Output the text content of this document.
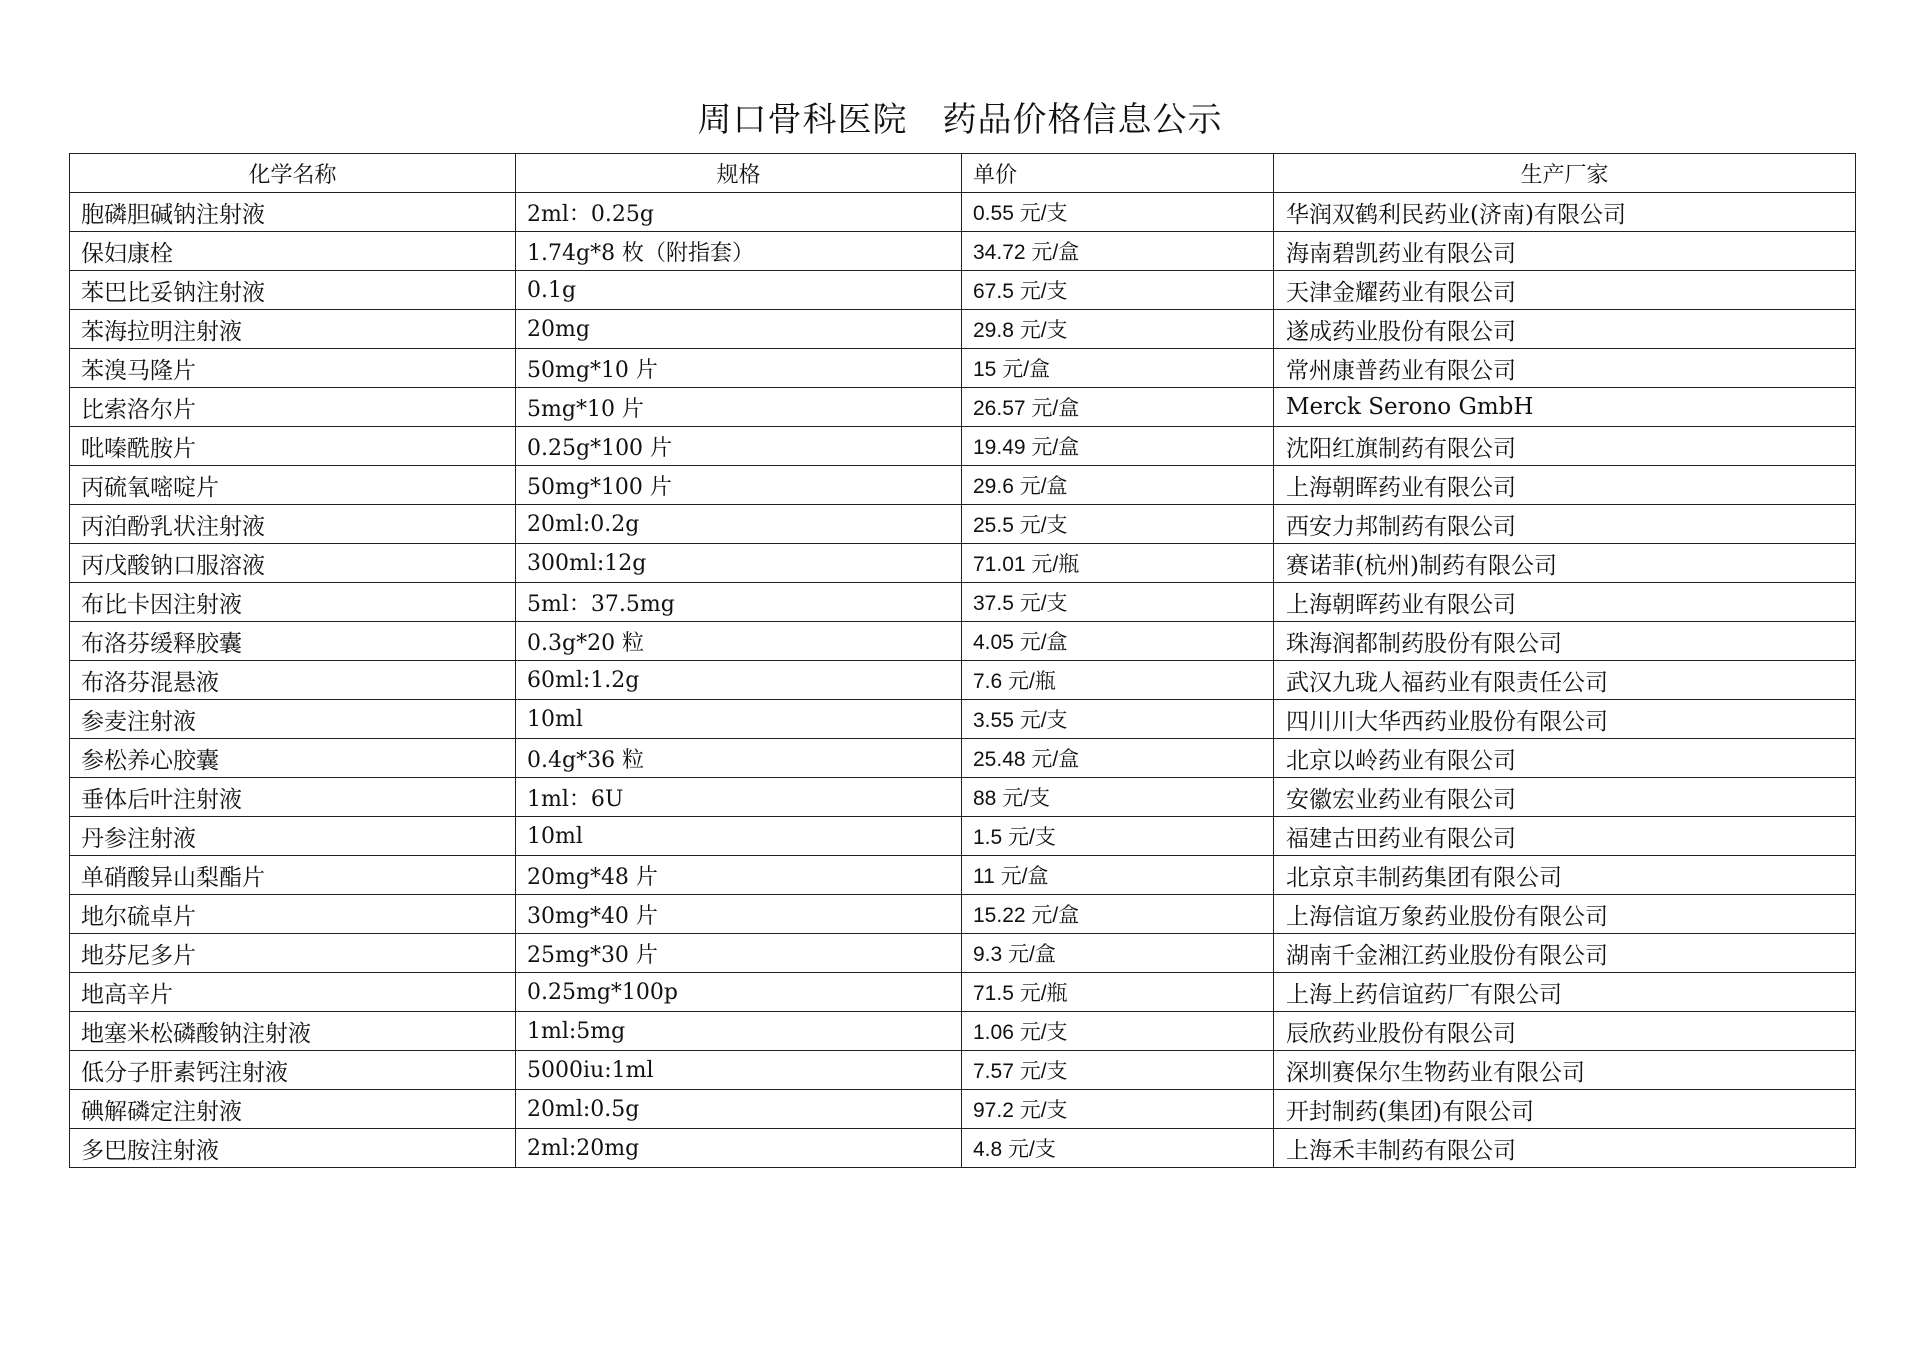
周口骨科医院　药品价格信息公示
化学名称	规格	单价	生产厂家
胞磷胆碱钠注射液	2ml：0.25g	0.55 元/支	华润双鹤利民药业(济南)有限公司
保妇康栓	1.74g*8 枚（附指套）	34.72 元/盒	海南碧凯药业有限公司
苯巴比妥钠注射液	0.1g	67.5 元/支	天津金耀药业有限公司
苯海拉明注射液	20mg	29.8 元/支	遂成药业股份有限公司
苯溴马隆片	50mg*10 片	15 元/盒	常州康普药业有限公司
比索洛尔片	5mg*10 片	26.57 元/盒	Merck Serono GmbH
吡嗪酰胺片	0.25g*100 片	19.49 元/盒	沈阳红旗制药有限公司
丙硫氧嘧啶片	50mg*100 片	29.6 元/盒	上海朝晖药业有限公司
丙泊酚乳状注射液	20ml:0.2g	25.5 元/支	西安力邦制药有限公司
丙戊酸钠口服溶液	300ml:12g	71.01 元/瓶	赛诺菲(杭州)制药有限公司
布比卡因注射液	5ml：37.5mg	37.5 元/支	上海朝晖药业有限公司
布洛芬缓释胶囊	0.3g*20 粒	4.05 元/盒	珠海润都制药股份有限公司
布洛芬混悬液	60ml:1.2g	7.6 元/瓶	武汉九珑人福药业有限责任公司
参麦注射液	10ml	3.55 元/支	四川川大华西药业股份有限公司
参松养心胶囊	0.4g*36 粒	25.48 元/盒	北京以岭药业有限公司
垂体后叶注射液	1ml：6U	88 元/支	安徽宏业药业有限公司
丹参注射液	10ml	1.5 元/支	福建古田药业有限公司
单硝酸异山梨酯片	20mg*48 片	11 元/盒	北京京丰制药集团有限公司
地尔硫卓片	30mg*40 片	15.22 元/盒	上海信谊万象药业股份有限公司
地芬尼多片	25mg*30 片	9.3 元/盒	湖南千金湘江药业股份有限公司
地高辛片	0.25mg*100p	71.5 元/瓶	上海上药信谊药厂有限公司
地塞米松磷酸钠注射液	1ml:5mg	1.06 元/支	辰欣药业股份有限公司
低分子肝素钙注射液	5000iu:1ml	7.57 元/支	深圳赛保尔生物药业有限公司
碘解磷定注射液	20ml:0.5g	97.2 元/支	开封制药(集团)有限公司
多巴胺注射液	2ml:20mg	4.8 元/支	上海禾丰制药有限公司
